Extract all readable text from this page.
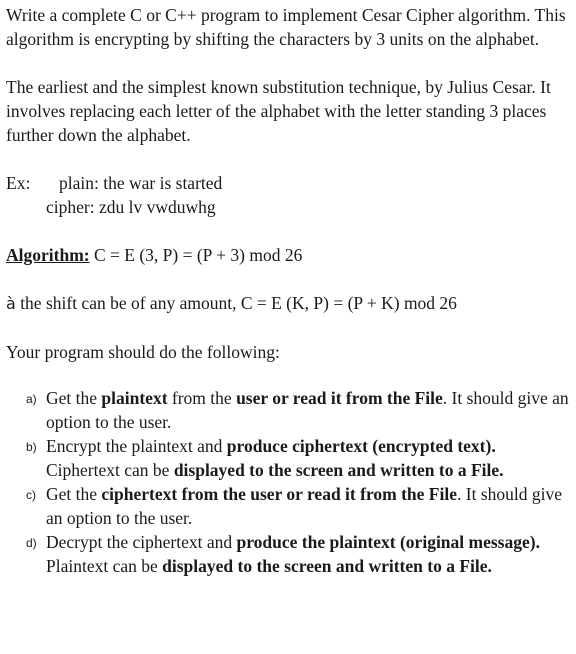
Write a complete C or C++ program to implement Cesar Cipher algorithm. This algorithm is encrypting by shifting the characters by 3 units on the alphabet.

The earliest and the simplest known substitution technique, by Julius Cesar. It involves replacing each letter of the alphabet with the letter standing 3 places further down the alphabet.

Ex: plain: the war is started
cipher: zdu lv vwduwhg

Algorithm: C = E (3, P) = (P + 3) mod 26

à the shift can be of any amount, C = E (K, P) = (P + K) mod 26

Your program should do the following:

a) Get the plaintext from the user or read it from the File. It should give an option to the user.
b) Encrypt the plaintext and produce ciphertext (encrypted text). Ciphertext can be displayed to the screen and written to a File.
c) Get the ciphertext from the user or read it from the File. It should give an option to the user.
d) Decrypt the ciphertext and produce the plaintext (original message). Plaintext can be displayed to the screen and written to a File.
